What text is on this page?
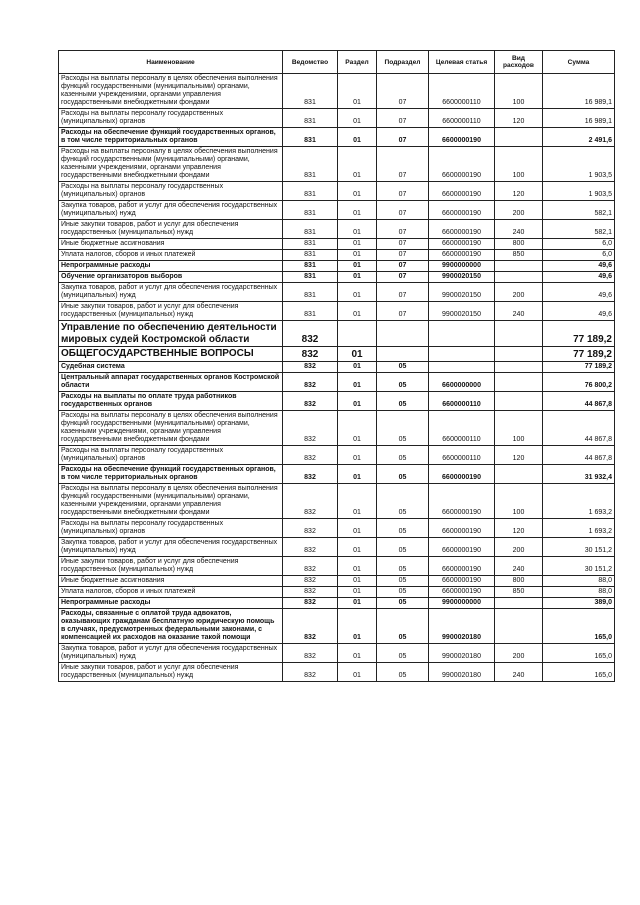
Наименование	Ведомство	Раздел	Подраздел	Целевая статья	Вид расходов	Сумма
Расходы на выплаты персоналу в целях обеспечения выполнения функций государственными (муниципальными) органами, казенными учреждениями, органами управления государственными внебюджетными фондами	831	01	07	6600000110	100	16 989,1
Расходы на выплаты персоналу государственных (муниципальных) органов	831	01	07	6600000110	120	16 989,1
Расходы на обеспечение функций государственных органов, в том числе территориальных органов	831	01	07	6600000190		2 491,6
Расходы на выплаты персоналу в целях обеспечения выполнения функций государственными (муниципальными) органами, казенными учреждениями, органами управления государственными внебюджетными фондами	831	01	07	6600000190	100	1 903,5
Расходы на выплаты персоналу государственных (муниципальных) органов	831	01	07	6600000190	120	1 903,5
Закупка товаров, работ и услуг для обеспечения государственных (муниципальных) нужд	831	01	07	6600000190	200	582,1
Иные закупки товаров, работ и услуг для обеспечения государственных (муниципальных) нужд	831	01	07	6600000190	240	582,1
Иные бюджетные ассигнования	831	01	07	6600000190	800	6,0
Уплата налогов, сборов и иных платежей	831	01	07	6600000190	850	6,0
Непрограммные расходы	831	01	07	9900000000		49,6
Обучение организаторов выборов	831	01	07	9900020150		49,6
Закупка товаров, работ и услуг для обеспечения государственных (муниципальных) нужд	831	01	07	9900020150	200	49,6
Иные закупки товаров, работ и услуг для обеспечения государственных (муниципальных) нужд	831	01	07	9900020150	240	49,6
Управление по обеспечению деятельности мировых судей Костромской области	832					77 189,2
ОБЩЕГОСУДАРСТВЕННЫЕ ВОПРОСЫ	832	01				77 189,2
Судебная система	832	01	05			77 189,2
Центральный аппарат государственных органов Костромской области	832	01	05	6600000000		76 800,2
Расходы на выплаты по оплате труда работников государственных органов	832	01	05	6600000110		44 867,8
Расходы на выплаты персоналу в целях обеспечения выполнения функций государственными (муниципальными) органами, казенными учреждениями, органами управления государственными внебюджетными фондами	832	01	05	6600000110	100	44 867,8
Расходы на выплаты персоналу государственных (муниципальных) органов	832	01	05	6600000110	120	44 867,8
Расходы на обеспечение функций государственных органов, в том числе территориальных органов	832	01	05	6600000190		31 932,4
Расходы на выплаты персоналу в целях обеспечения выполнения функций государственными (муниципальными) органами, казенными учреждениями, органами управления государственными внебюджетными фондами	832	01	05	6600000190	100	1 693,2
Расходы на выплаты персоналу государственных (муниципальных) органов	832	01	05	6600000190	120	1 693,2
Закупка товаров, работ и услуг для обеспечения государственных (муниципальных) нужд	832	01	05	6600000190	200	30 151,2
Иные закупки товаров, работ и услуг для обеспечения государственных (муниципальных) нужд	832	01	05	6600000190	240	30 151,2
Иные бюджетные ассигнования	832	01	05	6600000190	800	88,0
Уплата налогов, сборов и иных платежей	832	01	05	6600000190	850	88,0
Непрограммные расходы	832	01	05	9900000000		389,0
Расходы, связанные с оплатой труда адвокатов, оказывающих гражданам бесплатную юридическую помощь в случаях, предусмотренных федеральными законами, с компенсацией их расходов на оказание такой помощи	832	01	05	9900020180		165,0
Закупка товаров, работ и услуг для обеспечения государственных (муниципальных) нужд	832	01	05	9900020180	200	165,0
Иные закупки товаров, работ и услуг для обеспечения государственных (муниципальных) нужд	832	01	05	9900020180	240	165,0
